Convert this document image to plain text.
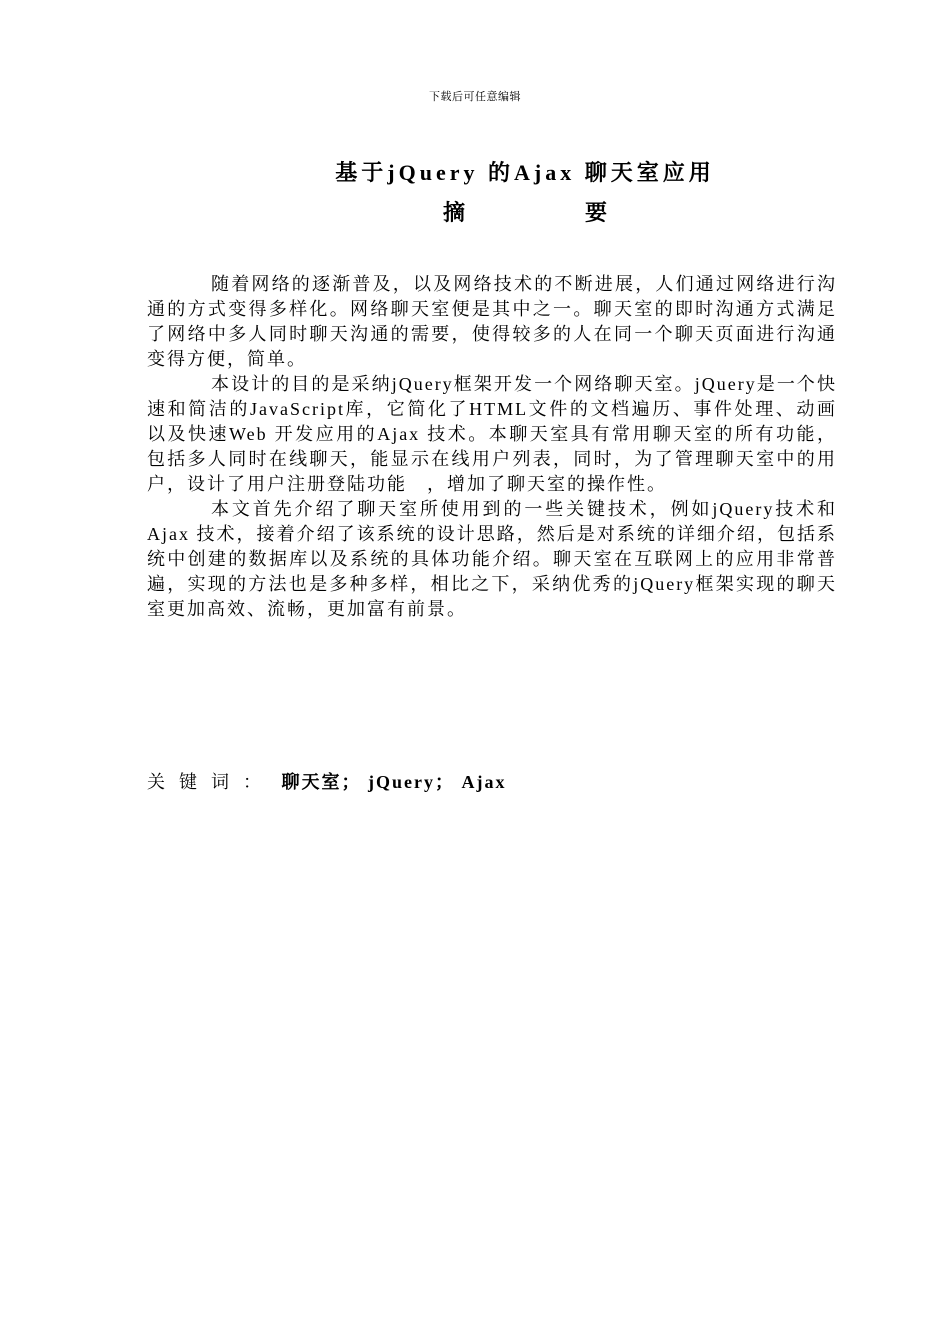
下载后可任意编辑
基于jQuery 的Ajax 聊天室应用
摘	要

随着网络的逐渐普及，以及网络技术的不断进展，人们通过网络进行沟通的方式变得多样化。网络聊天室便是其中之一。聊天室的即时沟通方式满足了网络中多人同时聊天沟通的需要，使得较多的人在同一个聊天页面进行沟通变得方便，简单。

本设计的目的是采纳jQuery框架开发一个网络聊天室。jQuery是一个快速和简洁的JavaScript库，它简化了HTML文件的文档遍历、事件处理、动画以及快速Web 开发应用的Ajax 技术。本聊天室具有常用聊天室的所有功能，包括多人同时在线聊天，能显示在线用户列表，同时，为了管理聊天室中的用户，设计了用户注册登陆功能　，增加了聊天室的操作性。

本文首先介绍了聊天室所使用到的一些关键技术，例如jQuery技术和Ajax 技术，接着介绍了该系统的设计思路，然后是对系统的详细介绍，包括系统中创建的数据库以及系统的具体功能介绍。聊天室在互联网上的应用非常普遍，实现的方法也是多种多样，相比之下，采纳优秀的jQuery框架实现的聊天室更加高效、流畅，更加富有前景。

关键词： 聊天室； jQuery； Ajax
